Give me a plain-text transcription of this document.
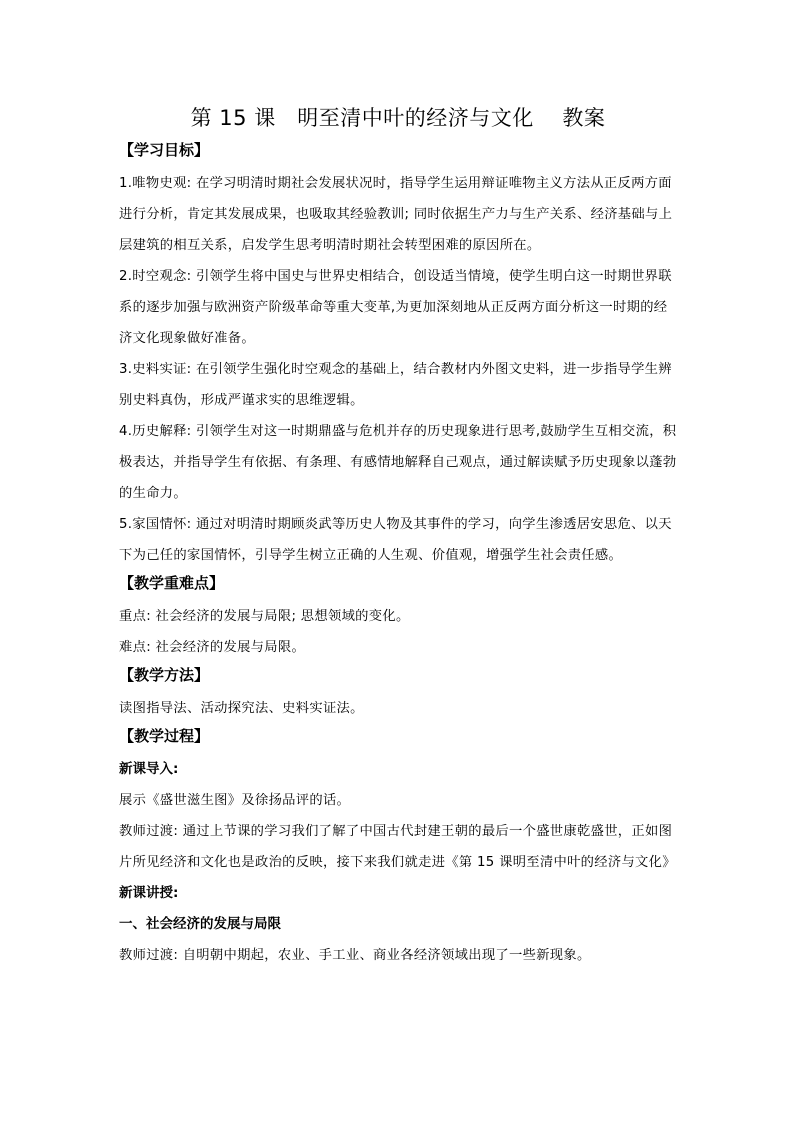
第 15 课　明至清中叶的经济与文化　 教案
【学习目标】

1.唯物史观: 在学习明清时期社会发展状况时，指导学生运用辩证唯物主义方法从正反两方面进行分析，肯定其发展成果，也吸取其经验教训; 同时依据生产力与生产关系、经济基础与上层建筑的相互关系，启发学生思考明清时期社会转型困难的原因所在。

2.时空观念: 引领学生将中国史与世界史相结合，创设适当情境，使学生明白这一时期世界联系的逐步加强与欧洲资产阶级革命等重大变革,为更加深刻地从正反两方面分析这一时期的经济文化现象做好准备。

3.史料实证: 在引领学生强化时空观念的基础上，结合教材内外图文史料，进一步指导学生辨别史料真伪，形成严谨求实的思维逻辑。

4.历史解释: 引领学生对这一时期鼎盛与危机并存的历史现象进行思考,鼓励学生互相交流，积极表达，并指导学生有依据、有条理、有感情地解释自己观点，通过解读赋予历史现象以蓬勃的生命力。

5.家国情怀: 通过对明清时期顾炎武等历史人物及其事件的学习，向学生渗透居安思危、以天下为己任的家国情怀，引导学生树立正确的人生观、价值观，增强学生社会责任感。

【教学重难点】

重点: 社会经济的发展与局限; 思想领域的变化。

难点: 社会经济的发展与局限。

【教学方法】

读图指导法、活动探究法、史料实证法。

【教学过程】

新课导入:

展示《盛世滋生图》及徐扬品评的话。

教师过渡: 通过上节课的学习我们了解了中国古代封建王朝的最后一个盛世康乾盛世，正如图片所见经济和文化也是政治的反映，接下来我们就走进《第 15 课明至清中叶的经济与文化》

新课讲授:

一、社会经济的发展与局限

教师过渡: 自明朝中期起，农业、手工业、商业各经济领域出现了一些新现象。
